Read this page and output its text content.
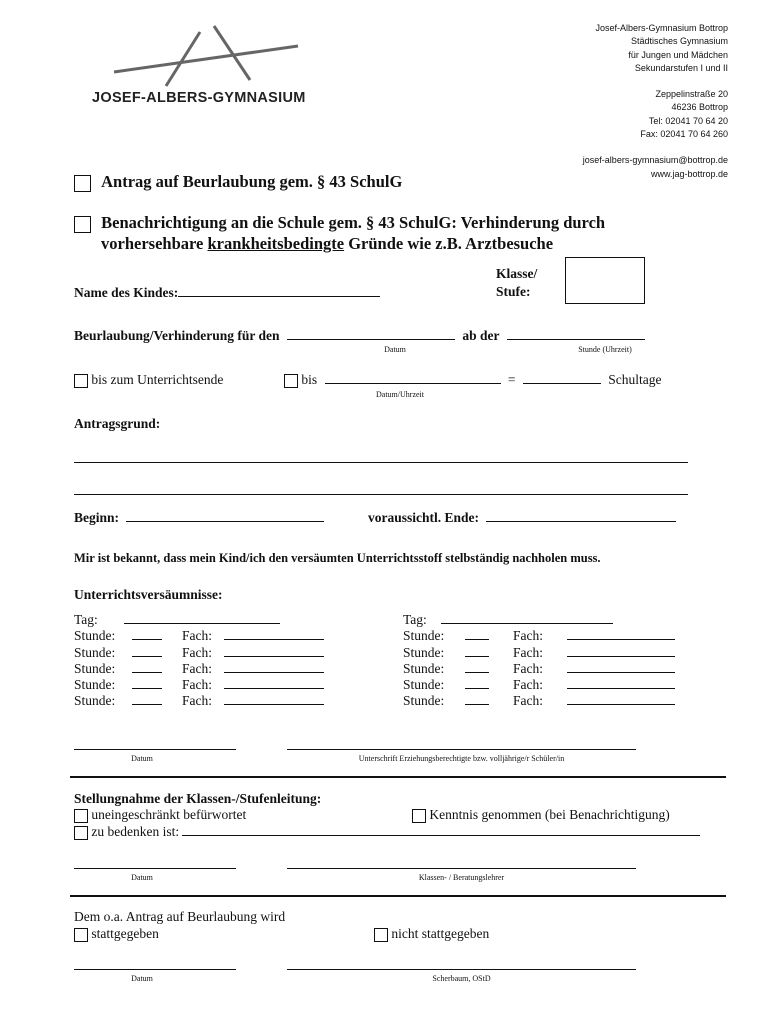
JOSEF-ALBERS-GYMNASIUM
Josef-Albers-Gymnasium Bottrop
Städtisches Gymnasium
für Jungen und Mädchen
Sekundarstufen I und II
Zeppelinstraße 20
46236 Bottrop
Tel: 02041 70 64 20
Fax: 02041 70 64 260
josef-albers-gymnasium@bottrop.de
www.jag-bottrop.de
Antrag auf Beurlaubung gem. § 43 SchulG
Benachrichtigung an die Schule gem. § 43 SchulG: Verhinderung durch
vorhersehbare krankheitsbedingte Gründe wie z.B. Arztbesuche
Name des Kindes:
Klasse/
Stufe:
Beurlaubung/Verhinderung für den	ab der
Datum	Stunde (Uhrzeit)
bis zum Unterrichtsende	bis	=	Schultage
Datum/Uhrzeit
Antragsgrund:
Beginn:	voraussichtl. Ende:
Mir ist bekannt, dass mein Kind/ich den versäumten Unterrichtsstoff stelbständig nachholen muss.
Unterrichtsversäumnisse:
Tag:
Stunde:	Fach:
Stunde:	Fach:
Stunde:	Fach:
Stunde:	Fach:
Stunde:	Fach:
Tag:
Stunde:	Fach:
Stunde:	Fach:
Stunde:	Fach:
Stunde:	Fach:
Stunde:	Fach:
Datum	Unterschrift Erziehungsberechtigte bzw. volljährige/r Schüler/in
Stellungnahme der Klassen-/Stufenleitung:
uneingeschränkt befürwortet
zu bedenken ist:
Kenntnis genommen (bei Benachrichtigung)
Datum	Klassen- / Beratungslehrer
Dem o.a. Antrag auf Beurlaubung wird
stattgegeben	nicht stattgegeben
Datum	Scherbaum, OStD
